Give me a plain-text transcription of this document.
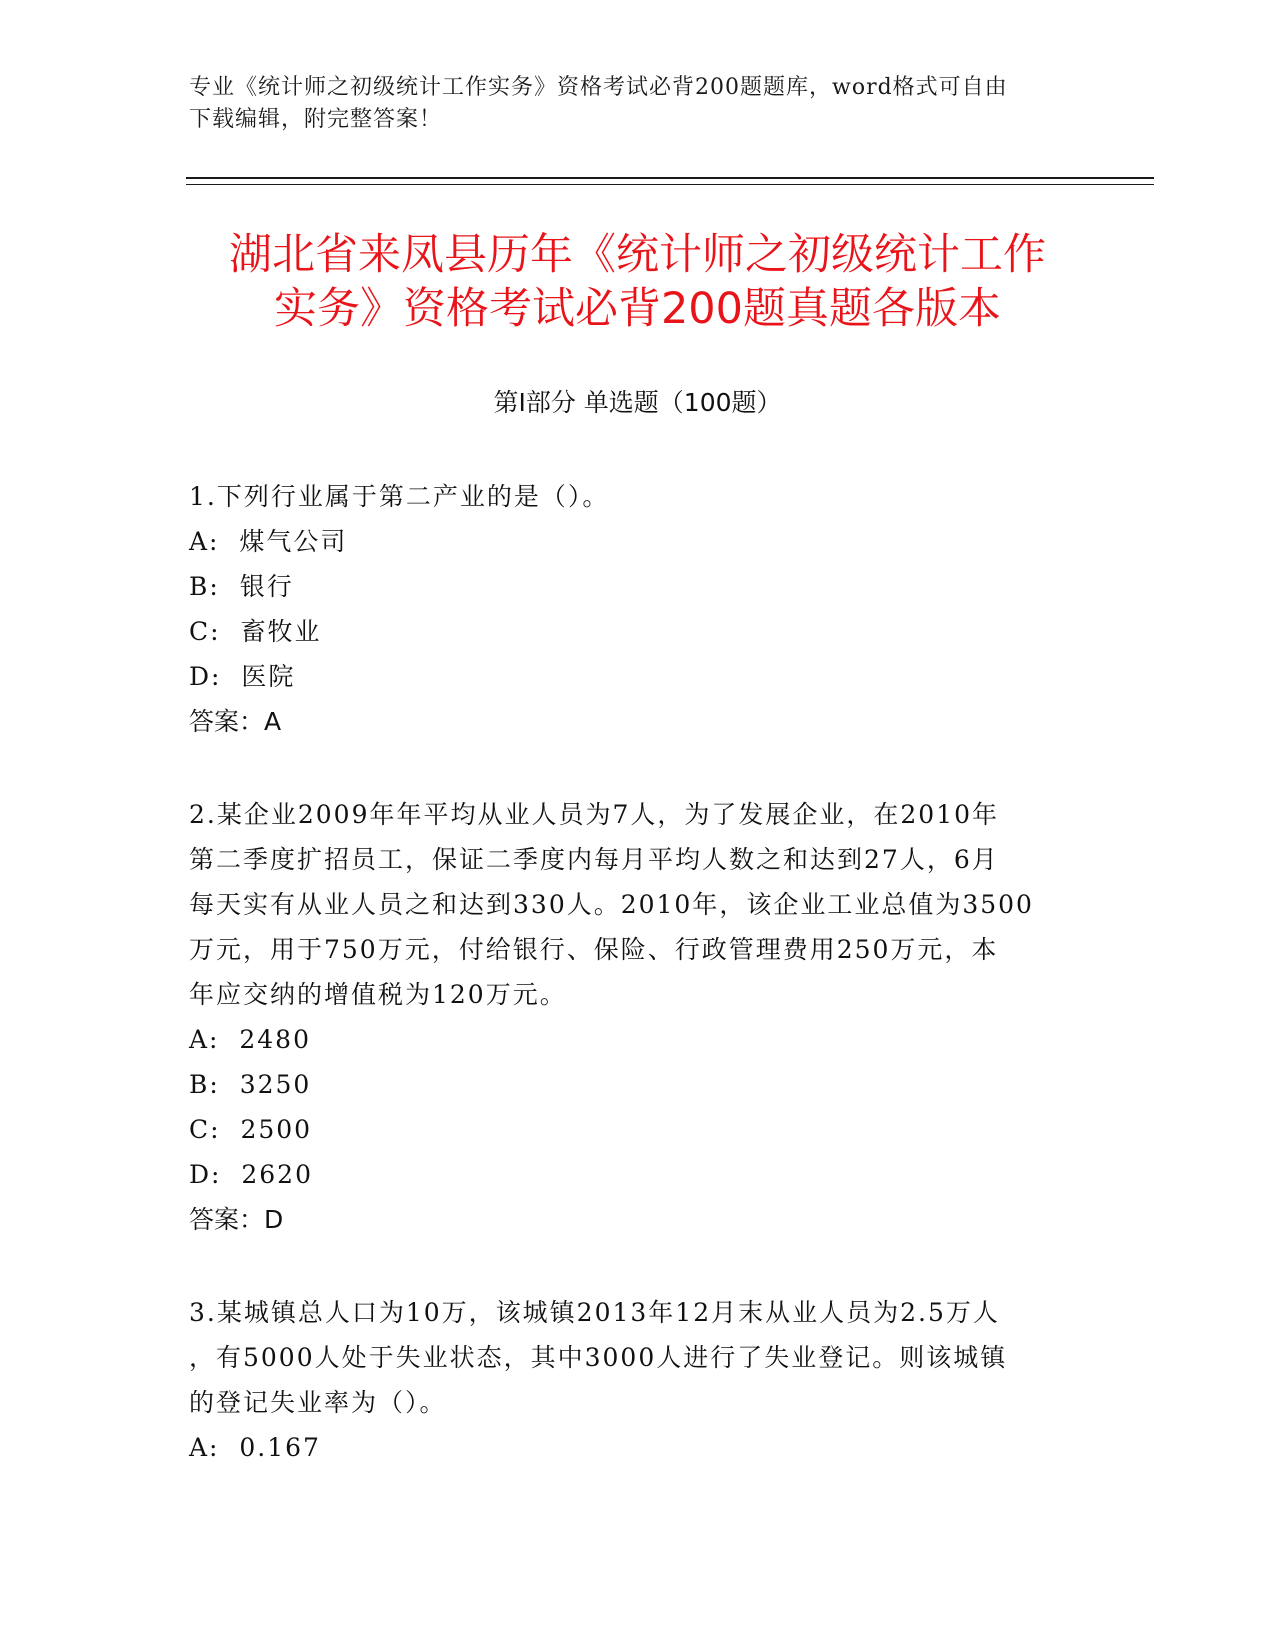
专业《统计师之初级统计工作实务》资格考试必背200题题库，word格式可自由
下载编辑，附完整答案！
湖北省来凤县历年《统计师之初级统计工作
实务》资格考试必背200题真题各版本
第I部分 单选题（100题）

1.下列行业属于第二产业的是（）。

A:  煤气公司

B:  银行

C:  畜牧业

D:  医院

答案：A

2.某企业2009年年平均从业人员为7人，为了发展企业，在2010年

第二季度扩招员工，保证二季度内每月平均人数之和达到27人，6月

每天实有从业人员之和达到330人。2010年，该企业工业总值为3500

万元，用于750万元，付给银行、保险、行政管理费用250万元，本

年应交纳的增值税为120万元。

A:  2480

B:  3250

C:  2500

D:  2620

答案：D

3.某城镇总人口为10万，该城镇2013年12月末从业人员为2.5万人

，有5000人处于失业状态，其中3000人进行了失业登记。则该城镇

的登记失业率为（）。

A:  0.167
